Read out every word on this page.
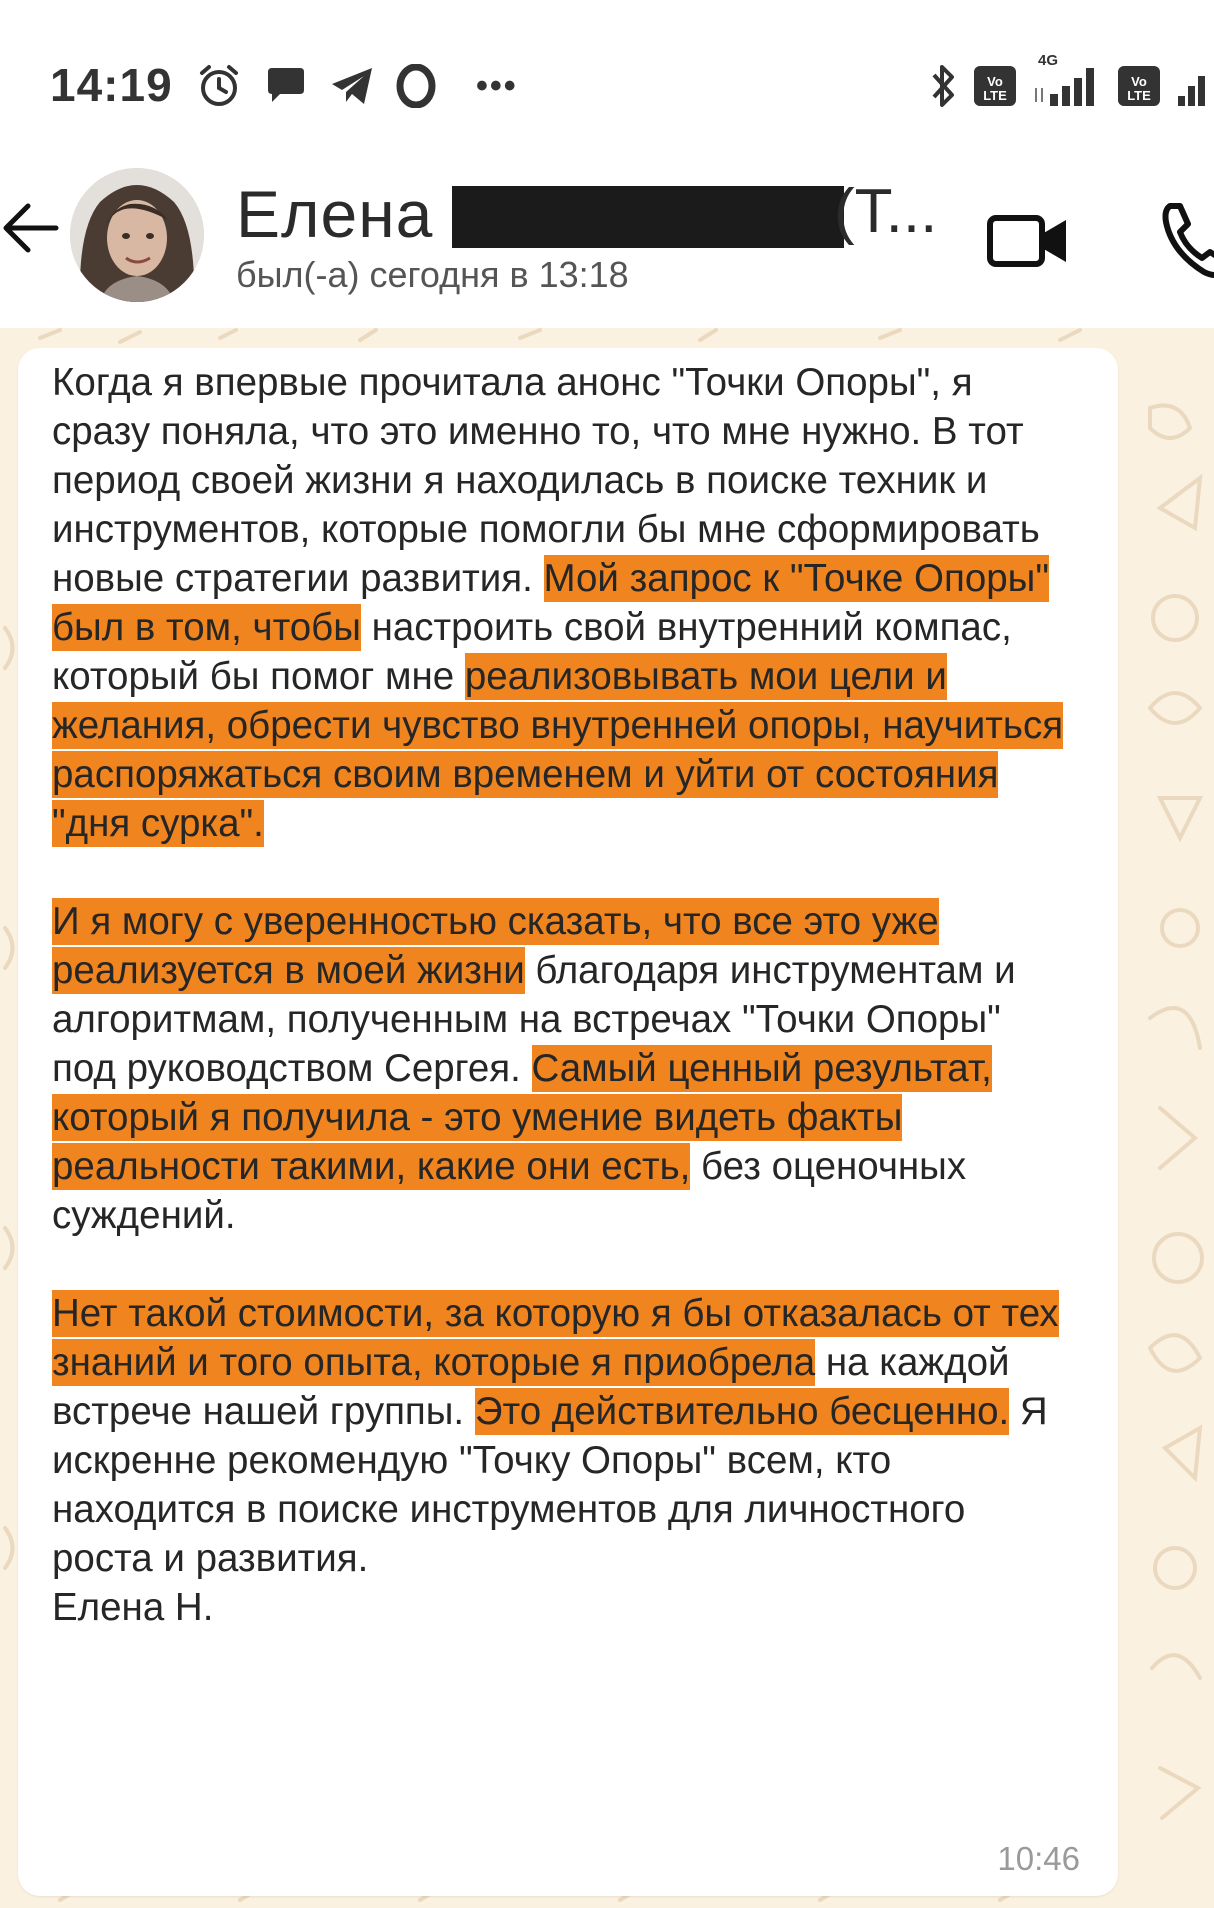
14:19	•••	Vo LTE
4G
Vo LTE
Елена	(Т...
был(-а) сегодня в 13:18

Когда я впервые прочитала анонс "Точки Опоры", я сразу поняла, что это именно то, что мне нужно. В тот период своей жизни я находилась в поиске техник и инструментов, которые помогли бы мне сформировать новые стратегии развития. Мой запрос к "Точке Опоры" был в том, чтобы настроить свой внутренний компас, который бы помог мне реализовывать мои цели и желания, обрести чувство внутренней опоры, научиться распоряжаться своим временем и уйти от состояния "дня сурка".

И я могу с уверенностью сказать, что все это уже реализуется в моей жизни благодаря инструментам и алгоритмам, полученным на встречах "Точки Опоры" под руководством Сергея. Самый ценный результат, который я получила - это умение видеть факты реальности такими, какие они есть, без оценочных суждений.

Нет такой стоимости, за которую я бы отказалась от тех знаний и того опыта, которые я приобрела на каждой встрече нашей группы. Это действительно бесценно. Я искренне рекомендую "Точку Опоры" всем, кто находится в поиске инструментов для личностного роста и развития.

Елена Н.

10:46
